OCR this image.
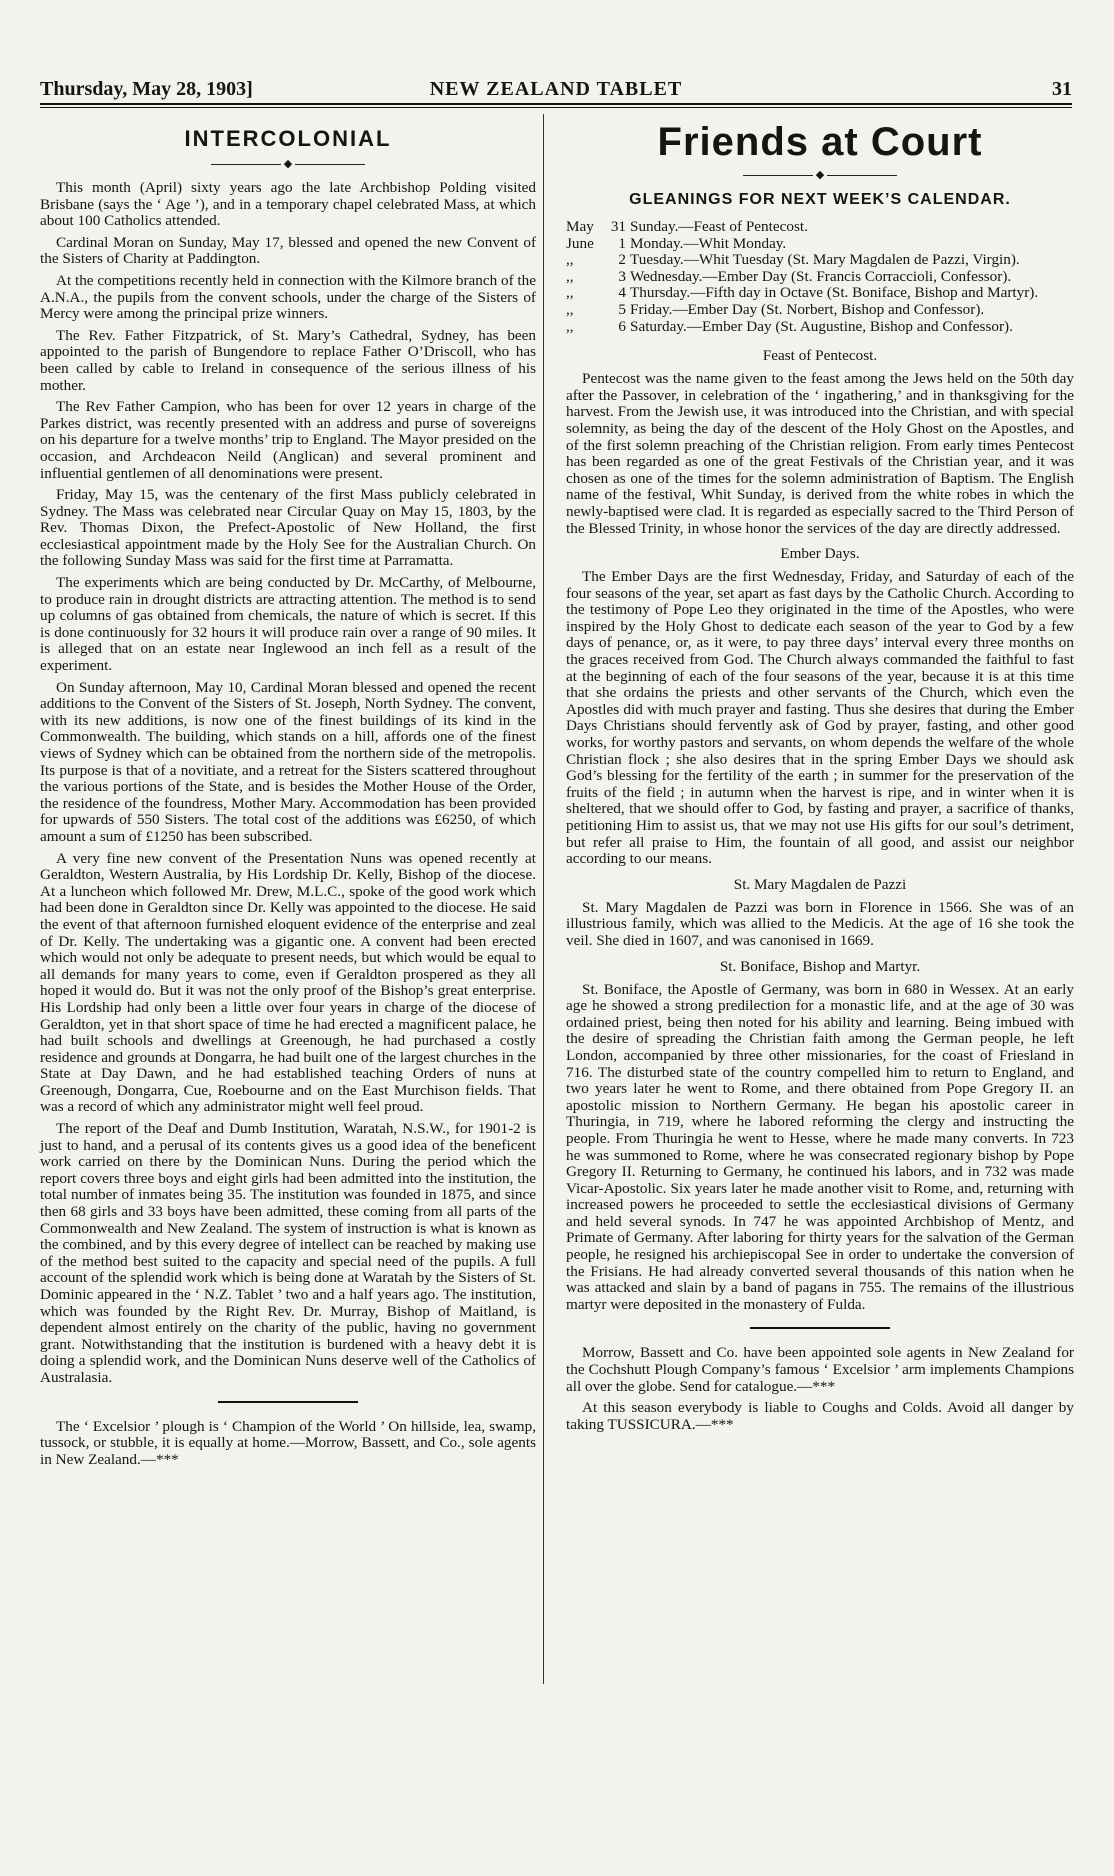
Thursday, May 28, 1903]	NEW ZEALAND TABLET	31
INTERCOLONIAL
◆

This month (April) sixty years ago the late Archbishop Polding visited Brisbane (says the ‘ Age ’), and in a temporary chapel celebrated Mass, at which about 100 Catholics attended.

Cardinal Moran on Sunday, May 17, blessed and opened the new Convent of the Sisters of Charity at Paddington.

At the competitions recently held in connection with the Kilmore branch of the A.N.A., the pupils from the convent schools, under the charge of the Sisters of Mercy were among the principal prize winners.

The Rev. Father Fitzpatrick, of St. Mary’s Cathedral, Sydney, has been appointed to the parish of Bungendore to replace Father O’Driscoll, who has been called by cable to Ireland in consequence of the serious illness of his mother.

The Rev Father Campion, who has been for over 12 years in charge of the Parkes district, was recently presented with an address and purse of sovereigns on his departure for a twelve months’ trip to England. The Mayor presided on the occasion, and Archdeacon Neild (Anglican) and several prominent and influential gentlemen of all denominations were present.

Friday, May 15, was the centenary of the first Mass publicly celebrated in Sydney. The Mass was celebrated near Circular Quay on May 15, 1803, by the Rev. Thomas Dixon, the Prefect-Apostolic of New Holland, the first ecclesiastical appointment made by the Holy See for the Australian Church. On the following Sunday Mass was said for the first time at Parramatta.

The experiments which are being conducted by Dr. McCarthy, of Melbourne, to produce rain in drought districts are attracting attention. The method is to send up columns of gas obtained from chemicals, the nature of which is secret. If this is done continuously for 32 hours it will produce rain over a range of 90 miles. It is alleged that on an estate near Inglewood an inch fell as a result of the experiment.

On Sunday afternoon, May 10, Cardinal Moran blessed and opened the recent additions to the Convent of the Sisters of St. Joseph, North Sydney. The convent, with its new additions, is now one of the finest buildings of its kind in the Commonwealth. The building, which stands on a hill, affords one of the finest views of Sydney which can be obtained from the northern side of the metropolis. Its purpose is that of a novitiate, and a retreat for the Sisters scattered throughout the various portions of the State, and is besides the Mother House of the Order, the residence of the foundress, Mother Mary. Accommodation has been provided for upwards of 550 Sisters. The total cost of the additions was £6250, of which amount a sum of £1250 has been subscribed.

A very fine new convent of the Presentation Nuns was opened recently at Geraldton, Western Australia, by His Lordship Dr. Kelly, Bishop of the diocese. At a luncheon which followed Mr. Drew, M.L.C., spoke of the good work which had been done in Geraldton since Dr. Kelly was appointed to the diocese. He said the event of that afternoon furnished eloquent evidence of the enterprise and zeal of Dr. Kelly. The undertaking was a gigantic one. A convent had been erected which would not only be adequate to present needs, but which would be equal to all demands for many years to come, even if Geraldton prospered as they all hoped it would do. But it was not the only proof of the Bishop’s great enterprise. His Lordship had only been a little over four years in charge of the diocese of Geraldton, yet in that short space of time he had erected a magnificent palace, he had built schools and dwellings at Greenough, he had purchased a costly residence and grounds at Dongarra, he had built one of the largest churches in the State at Day Dawn, and he had established teaching Orders of nuns at Greenough, Dongarra, Cue, Roebourne and on the East Murchison fields. That was a record of which any administrator might well feel proud.

The report of the Deaf and Dumb Institution, Waratah, N.S.W., for 1901-2 is just to hand, and a perusal of its contents gives us a good idea of the beneficent work carried on there by the Dominican Nuns. During the period which the report covers three boys and eight girls had been admitted into the institution, the total number of inmates being 35. The institution was founded in 1875, and since then 68 girls and 33 boys have been admitted, these coming from all parts of the Commonwealth and New Zealand. The system of instruction is what is known as the combined, and by this every degree of intellect can be reached by making use of the method best suited to the capacity and special need of the pupils. A full account of the splendid work which is being done at Waratah by the Sisters of St. Dominic appeared in the ‘ N.Z. Tablet ’ two and a half years ago. The institution, which was founded by the Right Rev. Dr. Murray, Bishop of Maitland, is dependent almost entirely on the charity of the public, having no government grant. Notwithstanding that the institution is burdened with a heavy debt it is doing a splendid work, and the Dominican Nuns deserve well of the Catholics of Australasia.

The ‘ Excelsior ’ plough is ‘ Champion of the World ’ On hillside, lea, swamp, tussock, or stubble, it is equally at home.—Morrow, Bassett, and Co., sole agents in New Zealand.—***

Friends at Court
◆
GLEANINGS FOR NEXT WEEK’S CALENDAR.
May	31 Sunday.—Feast of Pentecost.
June	1 Monday.—Whit Monday.
,,	2 Tuesday.—Whit Tuesday (St. Mary Magdalen de Pazzi, Virgin).
,,	3 Wednesday.—Ember Day (St. Francis Corraccioli, Confessor).
,,	4 Thursday.—Fifth day in Octave (St. Boniface, Bishop and Martyr).
,,	5 Friday.—Ember Day (St. Norbert, Bishop and Confessor).
,,	6 Saturday.—Ember Day (St. Augustine, Bishop and Confessor).
Feast of Pentecost.

Pentecost was the name given to the feast among the Jews held on the 50th day after the Passover, in celebration of the ‘ ingathering,’ and in thanksgiving for the harvest. From the Jewish use, it was introduced into the Christian, and with special solemnity, as being the day of the descent of the Holy Ghost on the Apostles, and of the first solemn preaching of the Christian religion. From early times Pentecost has been regarded as one of the great Festivals of the Christian year, and it was chosen as one of the times for the solemn administration of Baptism. The English name of the festival, Whit Sunday, is derived from the white robes in which the newly-baptised were clad. It is regarded as especially sacred to the Third Person of the Blessed Trinity, in whose honor the services of the day are directly addressed.

Ember Days.

The Ember Days are the first Wednesday, Friday, and Saturday of each of the four seasons of the year, set apart as fast days by the Catholic Church. According to the testimony of Pope Leo they originated in the time of the Apostles, who were inspired by the Holy Ghost to dedicate each season of the year to God by a few days of penance, or, as it were, to pay three days’ interval every three months on the graces received from God. The Church always commanded the faithful to fast at the beginning of each of the four seasons of the year, because it is at this time that she ordains the priests and other servants of the Church, which even the Apostles did with much prayer and fasting. Thus she desires that during the Ember Days Christians should fervently ask of God by prayer, fasting, and other good works, for worthy pastors and servants, on whom depends the welfare of the whole Christian flock ; she also desires that in the spring Ember Days we should ask God’s blessing for the fertility of the earth ; in summer for the preservation of the fruits of the field ; in autumn when the harvest is ripe, and in winter when it is sheltered, that we should offer to God, by fasting and prayer, a sacrifice of thanks, petitioning Him to assist us, that we may not use His gifts for our soul’s detriment, but refer all praise to Him, the fountain of all good, and assist our neighbor according to our means.

St. Mary Magdalen de Pazzi

St. Mary Magdalen de Pazzi was born in Florence in 1566. She was of an illustrious family, which was allied to the Medicis. At the age of 16 she took the veil. She died in 1607, and was canonised in 1669.

St. Boniface, Bishop and Martyr.

St. Boniface, the Apostle of Germany, was born in 680 in Wessex. At an early age he showed a strong predilection for a monastic life, and at the age of 30 was ordained priest, being then noted for his ability and learning. Being imbued with the desire of spreading the Christian faith among the German people, he left London, accompanied by three other missionaries, for the coast of Friesland in 716. The disturbed state of the country compelled him to return to England, and two years later he went to Rome, and there obtained from Pope Gregory II. an apostolic mission to Northern Germany. He began his apostolic career in Thuringia, in 719, where he labored reforming the clergy and instructing the people. From Thuringia he went to Hesse, where he made many converts. In 723 he was summoned to Rome, where he was consecrated regionary bishop by Pope Gregory II. Returning to Germany, he continued his labors, and in 732 was made Vicar-Apostolic. Six years later he made another visit to Rome, and, returning with increased powers he proceeded to settle the ecclesiastical divisions of Germany and held several synods. In 747 he was appointed Archbishop of Mentz, and Primate of Germany. After laboring for thirty years for the salvation of the German people, he resigned his archiepiscopal See in order to undertake the conversion of the Frisians. He had already converted several thousands of this nation when he was attacked and slain by a band of pagans in 755. The remains of the illustrious martyr were deposited in the monastery of Fulda.

Morrow, Bassett and Co. have been appointed sole agents in New Zealand for the Cochshutt Plough Company’s famous ‘ Excelsior ’ arm implements Champions all over the globe. Send for catalogue.—***

At this season everybody is liable to Coughs and Colds. Avoid all danger by taking TUSSICURA.—***
